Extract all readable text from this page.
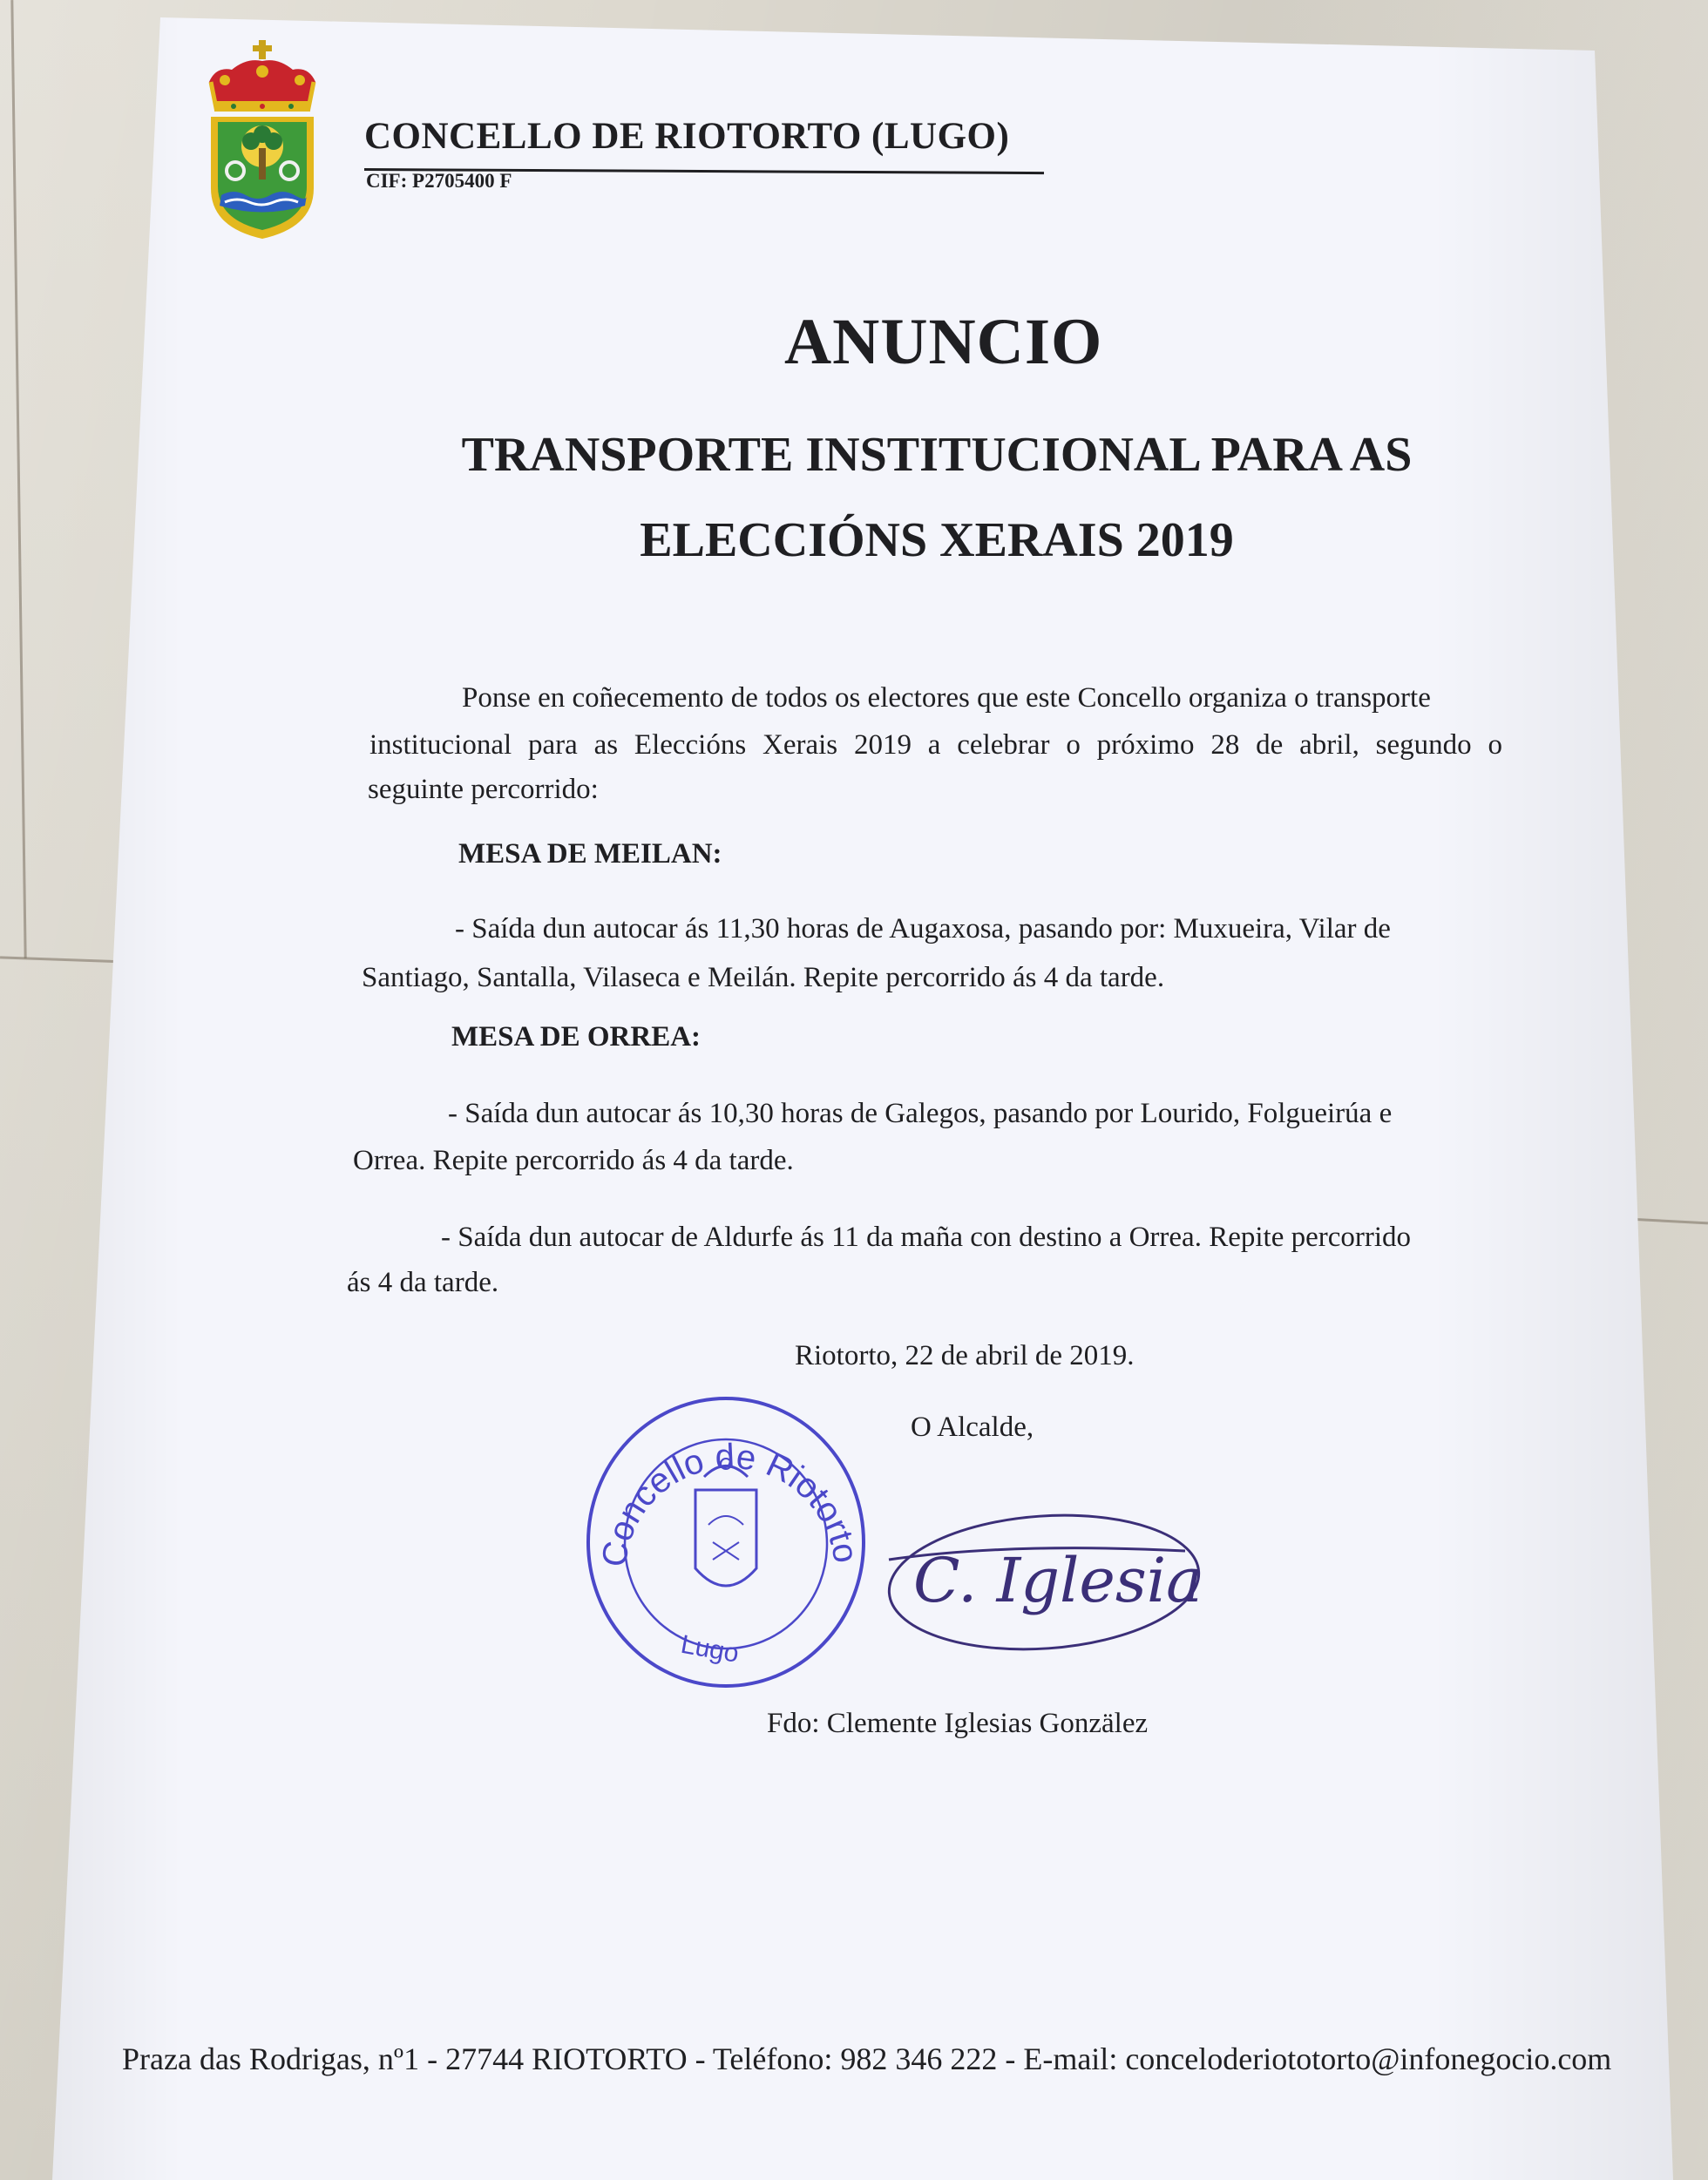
CONCELLO DE RIOTORTO (LUGO)
CIF: P2705400 F
ANUNCIO
TRANSPORTE INSTITUCIONAL PARA AS
ELECCIÓNS XERAIS 2019
Ponse en coñecemento de todos os electores que este Concello organiza o transporte
institucional para as Eleccións Xerais 2019 a celebrar o próximo 28 de abril, segundo o
seguinte percorrido:
MESA DE MEILAN:
- Saída dun autocar ás 11,30 horas de Augaxosa, pasando por: Muxueira, Vilar de
Santiago, Santalla, Vilaseca e Meilán. Repite percorrido ás 4 da tarde.
MESA DE ORREA:
- Saída dun autocar ás 10,30 horas de Galegos, pasando por Lourido, Folgueirúa e
Orrea. Repite percorrido ás 4 da tarde.
- Saída dun autocar de Aldurfe ás 11 da maña con destino a Orrea. Repite percorrido
ás 4 da tarde.
Riotorto, 22 de abril de 2019.
O Alcalde,
Concello de Riotorto
Lugo
C. Iglesia
Fdo: Clemente Iglesias Gonzälez
Praza das Rodrigas, nº1 - 27744 RIOTORTO - Teléfono: 982 346 222 - E-mail: conceloderiototorto@infonegocio.com
